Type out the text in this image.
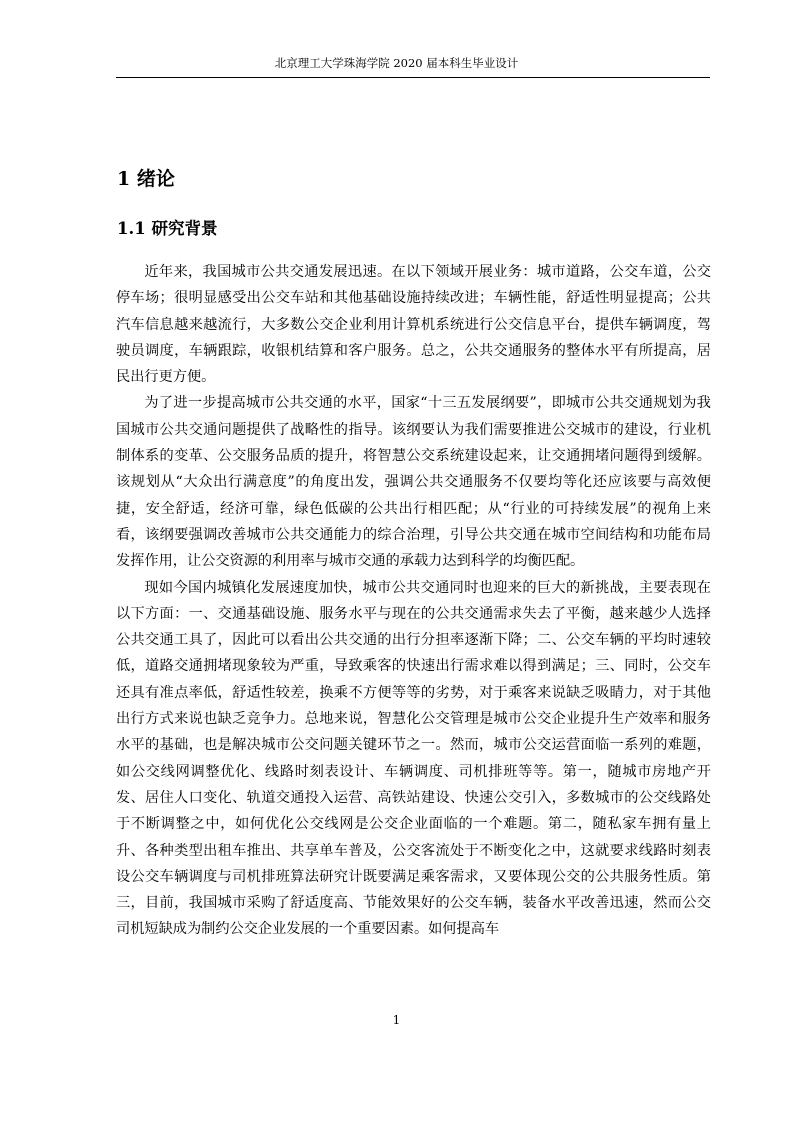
北京理工大学珠海学院 2020 届本科生毕业设计
1 绪论
1.1 研究背景

近年来，我国城市公共交通发展迅速。在以下领域开展业务：城市道路，公交车道，公交停车场；很明显感受出公交车站和其他基础设施持续改进；车辆性能，舒适性明显提高；公共汽车信息越来越流行，大多数公交企业利用计算机系统进行公交信息平台，提供车辆调度，驾驶员调度，车辆跟踪，收银机结算和客户服务。总之，公共交通服务的整体水平有所提高，居民出行更方便。

为了进一步提高城市公共交通的水平，国家“十三五发展纲要”，即城市公共交通规划为我国城市公共交通问题提供了战略性的指导。该纲要认为我们需要推进公交城市的建设，行业机制体系的变革、公交服务品质的提升，将智慧公交系统建设起来，让交通拥堵问题得到缓解。该规划从“大众出行满意度”的角度出发，强调公共交通服务不仅要均等化还应该要与高效便捷，安全舒适，经济可靠，绿色低碳的公共出行相匹配；从“行业的可持续发展”的视角上来看，该纲要强调改善城市公共交通能力的综合治理，引导公共交通在城市空间结构和功能布局发挥作用，让公交资源的利用率与城市交通的承载力达到科学的均衡匹配。

现如今国内城镇化发展速度加快，城市公共交通同时也迎来的巨大的新挑战，主要表现在以下方面：一、交通基础设施、服务水平与现在的公共交通需求失去了平衡，越来越少人选择公共交通工具了，因此可以看出公共交通的出行分担率逐渐下降；二、公交车辆的平均时速较低，道路交通拥堵现象较为严重，导致乘客的快速出行需求难以得到满足；三、同时，公交车还具有准点率低，舒适性较差，换乘不方便等等的劣势，对于乘客来说缺乏吸睛力，对于其他出行方式来说也缺乏竞争力。总地来说，智慧化公交管理是城市公交企业提升生产效率和服务水平的基础，也是解决城市公交问题关键环节之一。然而，城市公交运营面临一系列的难题，如公交线网调整优化、线路时刻表设计、车辆调度、司机排班等等。第一，随城市房地产开发、居住人口变化、轨道交通投入运营、高铁站建设、快速公交引入，多数城市的公交线路处于不断调整之中，如何优化公交线网是公交企业面临的一个难题。第二，随私家车拥有量上升、各种类型出租车推出、共享单车普及，公交客流处于不断变化之中，这就要求线路时刻表设公交车辆调度与司机排班算法研究计既要满足乘客需求，又要体现公交的公共服务性质。第三，目前，我国城市采购了舒适度高、节能效果好的公交车辆，装备水平改善迅速，然而公交司机短缺成为制约公交企业发展的一个重要因素。如何提高车

1
